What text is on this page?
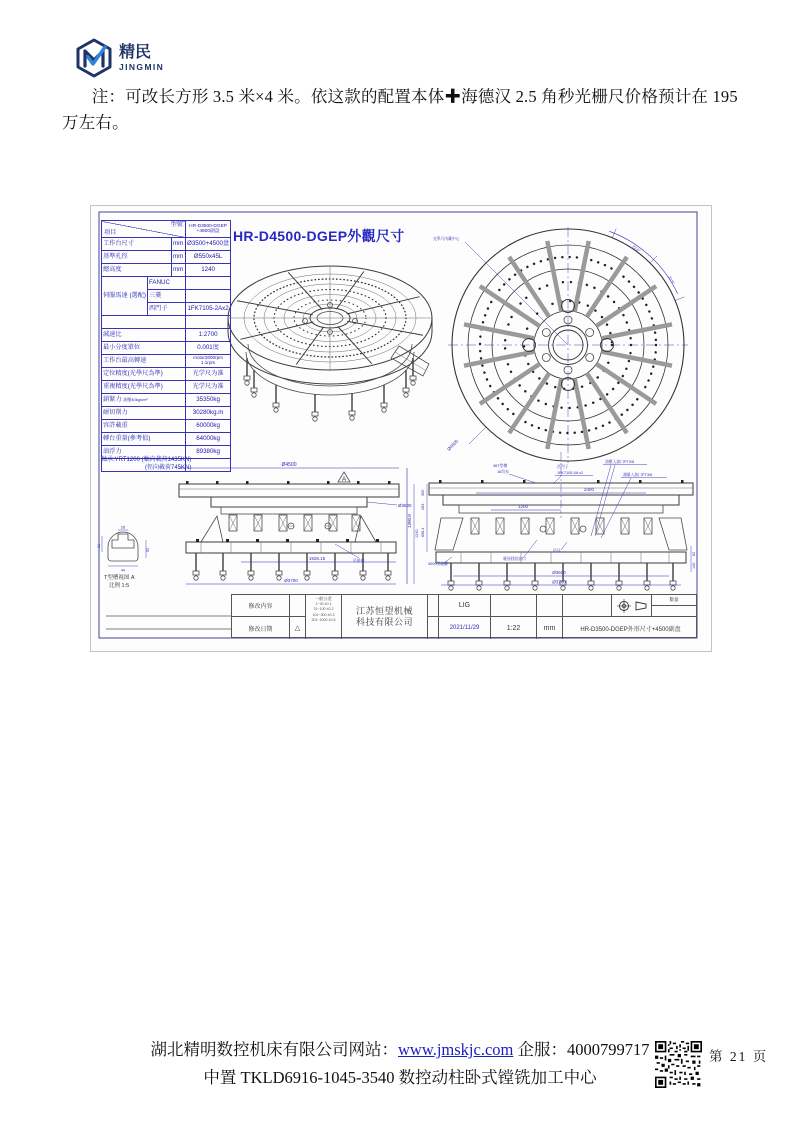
精民
JINGMIN
注：可改长方形 3.5 米×4 米。依这款的配置本体✚海德汉 2.5 角秒光栅尺价格预计在 195 万左右。
光學尺內藏中心
22.5°
22.5°
Ø4500
Ø4500
A
1928.15
Ø3700
1300.8
1240
Ø3600
吊裝座
28
52
21
44
T型槽視图 A
比例 1:5
36T型槽
16均布
西門子
1FK7105-5A x2
油壓入油口PT3/8
測量入油口PT3/8
2400
1200
Ø3600
Ø3700
350
283
658.4
82
140
4000型地腳
廢油回收油口
吊耳
HR-D4500-DGEP外觀尺寸
項目
型號	HR-D3500-DGEP
+4500副盘

工作台尺寸		mm	Ø3500+4500盘
基準孔徑		mm	Ø550x45L
總高度		mm	1240
伺服馬達 (選配)	FANUC		
	三菱		
	西門子		1FK7105-2Ax2

減速比			1:2700
最小分度單位			0.001度
工作台最高轉速			motor3000rpm
1.1rpm

定位精度(光學尺為準)			光学尺为准
重複精度(光學尺為準)			光学尺为准
鎖緊力 油壓40kg/cm²			35350kg
耐切削力			30280kg.m
容許載重			60000kg
轉台重量(參考值)			64000kg
油浮力			89380kg

軸承:YRT1200 (軸向載荷1435KN)
(徑向載荷745KN)
修改内容
修改日期	△
一般公差
1~30 ±0.1
31~100 ±0.2
101~300 ±0.3
301~1000 ±0.5
江苏恒望机械
科技有限公司
LIG
2021/11/29	1:22	mm
數量
HR-D3500-DGEP外形尺寸+4500副盘
湖北精明数控机床有限公司网站：www.jmskjc.com 企服：4000799717
中置 TKLD6916-1045-3540 数控动柱卧式镗铣加工中心
第 21 页
